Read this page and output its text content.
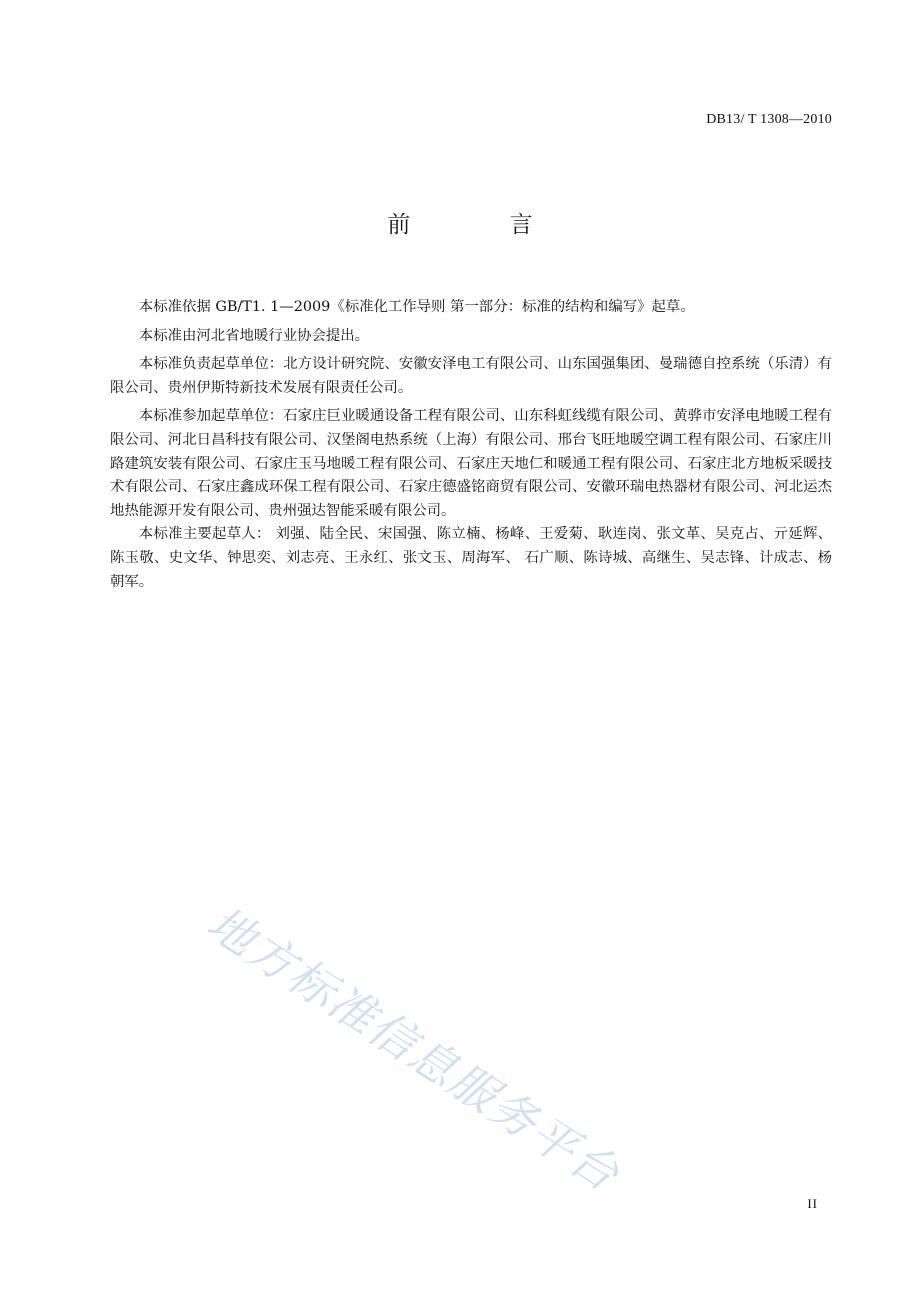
DB13/ T 1308—2010
前 言

本标准依据 GB/T1. 1—2009《标准化工作导则 第一部分：标准的结构和编写》起草。

本标准由河北省地暖行业协会提出。

本标准负责起草单位：北方设计研究院、安徽安泽电工有限公司、山东国强集团、曼瑞德自控系统（乐清）有限公司、贵州伊斯特新技术发展有限责任公司。

本标准参加起草单位：石家庄巨业暖通设备工程有限公司、山东科虹线缆有限公司、黄骅市安泽电地暖工程有限公司、河北日昌科技有限公司、汉堡阁电热系统（上海）有限公司、邢台飞旺地暖空调工程有限公司、石家庄川路建筑安装有限公司、石家庄玉马地暖工程有限公司、石家庄天地仁和暖通工程有限公司、石家庄北方地板采暖技术有限公司、石家庄鑫成环保工程有限公司、石家庄德盛铭商贸有限公司、安徽环瑞电热器材有限公司、河北运杰地热能源开发有限公司、贵州强达智能采暖有限公司。

本标准主要起草人： 刘强、陆全民、宋国强、陈立楠、杨峰、王爱菊、耿连岗、张文革、吴克占、亓延辉、陈玉敬、史文华、钟思奕、刘志亮、王永红、张文玉、周海军、 石广顺、陈诗城、高继生、吴志锋、计成志、杨朝军。

地方标准信息服务平台
II
